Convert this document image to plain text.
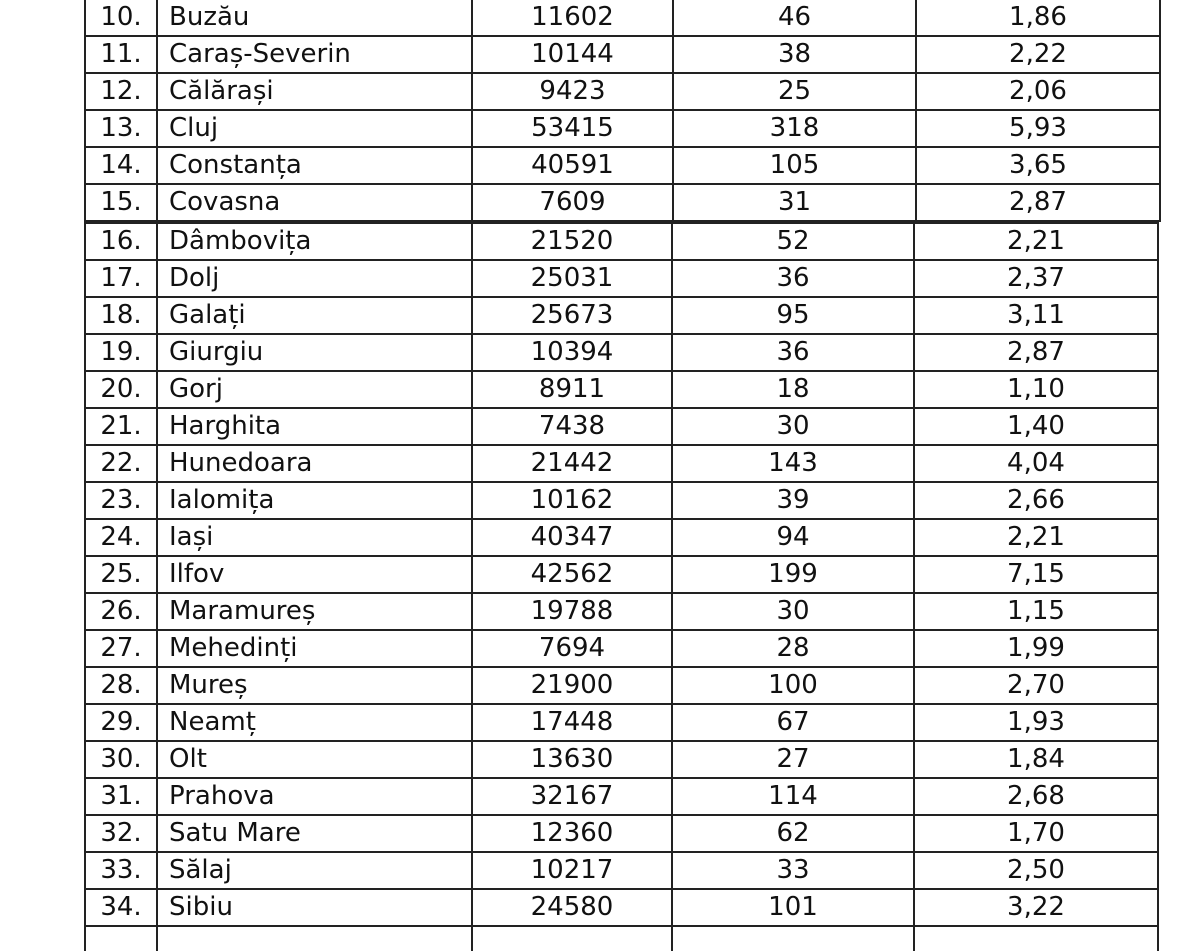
10.	Buzău	11602	46	1,86
11.	Caraș-Severin	10144	38	2,22
12.	Călărași	9423	25	2,06
13.	Cluj	53415	318	5,93
14.	Constanța	40591	105	3,65
15.	Covasna	7609	31	2,87
16.	Dâmbovița	21520	52	2,21
17.	Dolj	25031	36	2,37
18.	Galați	25673	95	3,11
19.	Giurgiu	10394	36	2,87
20.	Gorj	8911	18	1,10
21.	Harghita	7438	30	1,40
22.	Hunedoara	21442	143	4,04
23.	Ialomița	10162	39	2,66
24.	Iași	40347	94	2,21
25.	Ilfov	42562	199	7,15
26.	Maramureș	19788	30	1,15
27.	Mehedinți	7694	28	1,99
28.	Mureș	21900	100	2,70
29.	Neamț	17448	67	1,93
30.	Olt	13630	27	1,84
31.	Prahova	32167	114	2,68
32.	Satu Mare	12360	62	1,70
33.	Sălaj	10217	33	2,50
34.	Sibiu	24580	101	3,22
